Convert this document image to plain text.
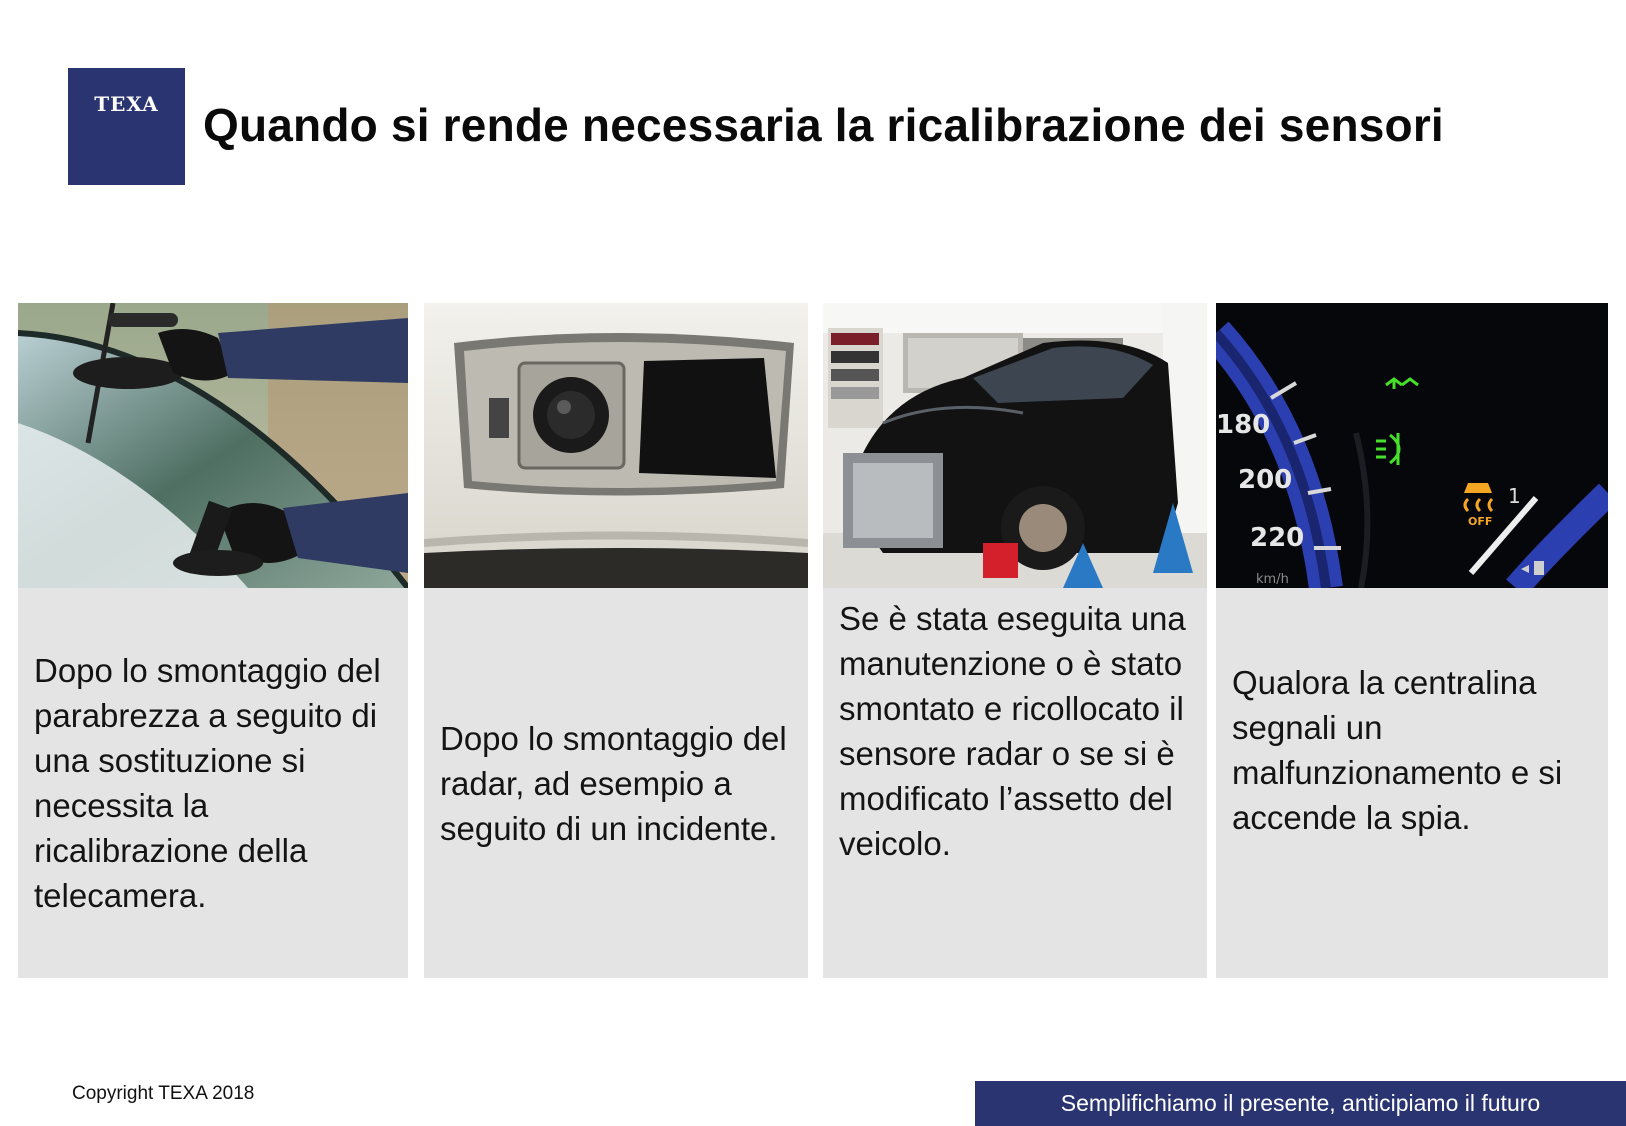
TEXA Quando si rende necessaria la ricalibrazione dei sensori

Dopo lo smontaggio del parabrezza a seguito di una sostituzione si necessita la ricalibrazione della telecamera.

Dopo lo smontaggio del radar, ad esempio a seguito di un incidente.

Se è stata eseguita una manutenzione o è stato smontato e ricollocato il sensore radar o se si è modificato l’assetto del veicolo.

180
200
220
km/h
OFF
1

Qualora la centralina segnali un malfunzionamento e si accende la spia.

Copyright TEXA 2018	Semplifichiamo il presente, anticipiamo il futuro
